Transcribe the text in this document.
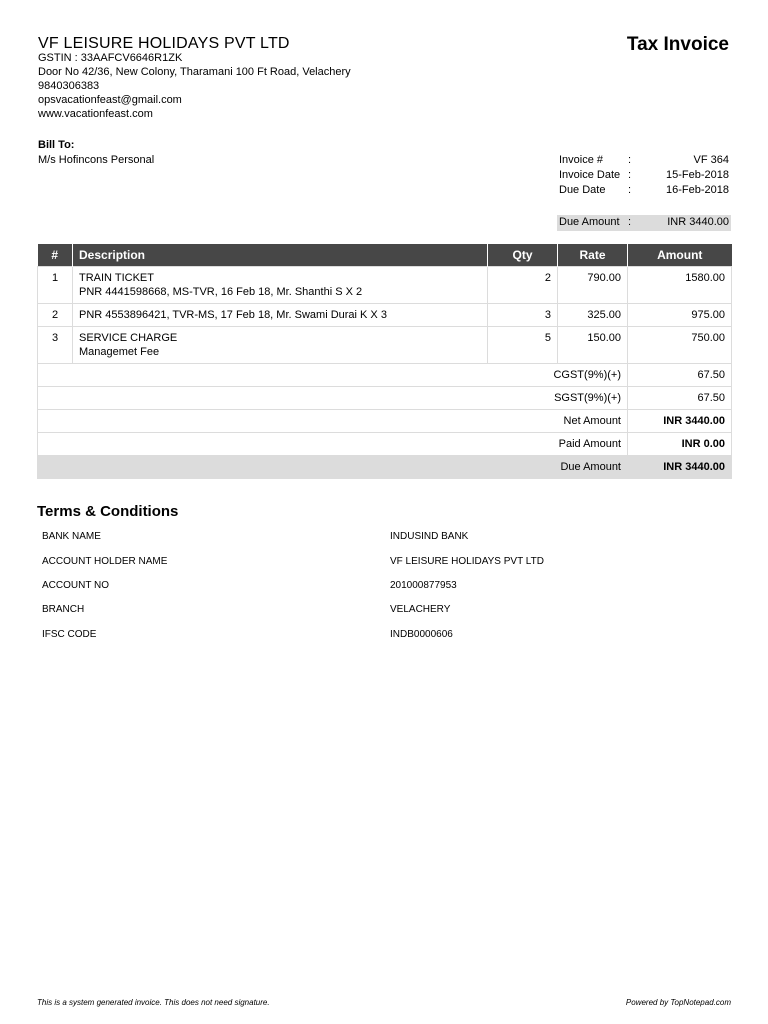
VF LEISURE HOLIDAYS PVT LTD
GSTIN : 33AAFCV6646R1ZK
Door No 42/36, New Colony, Tharamani 100 Ft Road, Velachery
9840306383
opsvacationfeast@gmail.com
www.vacationfeast.com
Tax Invoice
Bill To:
M/s Hofincons Personal	Invoice # :	VF 364
Invoice Date :	15-Feb-2018
Due Date :	16-Feb-2018
Due Amount :	INR 3440.00
#	Description	Qty	Rate	Amount
1	TRAIN TICKET
PNR 4441598668, MS-TVR, 16 Feb 18, Mr. Shanthi S X 2	2	790.00	1580.00
2	PNR 4553896421, TVR-MS, 17 Feb 18, Mr. Swami Durai K X 3	3	325.00	975.00
3	SERVICE CHARGE
Managemet Fee	5	150.00	750.00
CGST(9%)(+)				67.50
SGST(9%)(+)				67.50
Net Amount				INR 3440.00
Paid Amount				INR 0.00
Due Amount				INR 3440.00
Terms & Conditions
BANK NAME	INDUSIND BANK
ACCOUNT HOLDER NAME	VF LEISURE HOLIDAYS PVT LTD
ACCOUNT NO	201000877953
BRANCH	VELACHERY
IFSC CODE	INDB0000606
This is a system generated invoice. This does not need signature.	Powered by TopNotepad.com
